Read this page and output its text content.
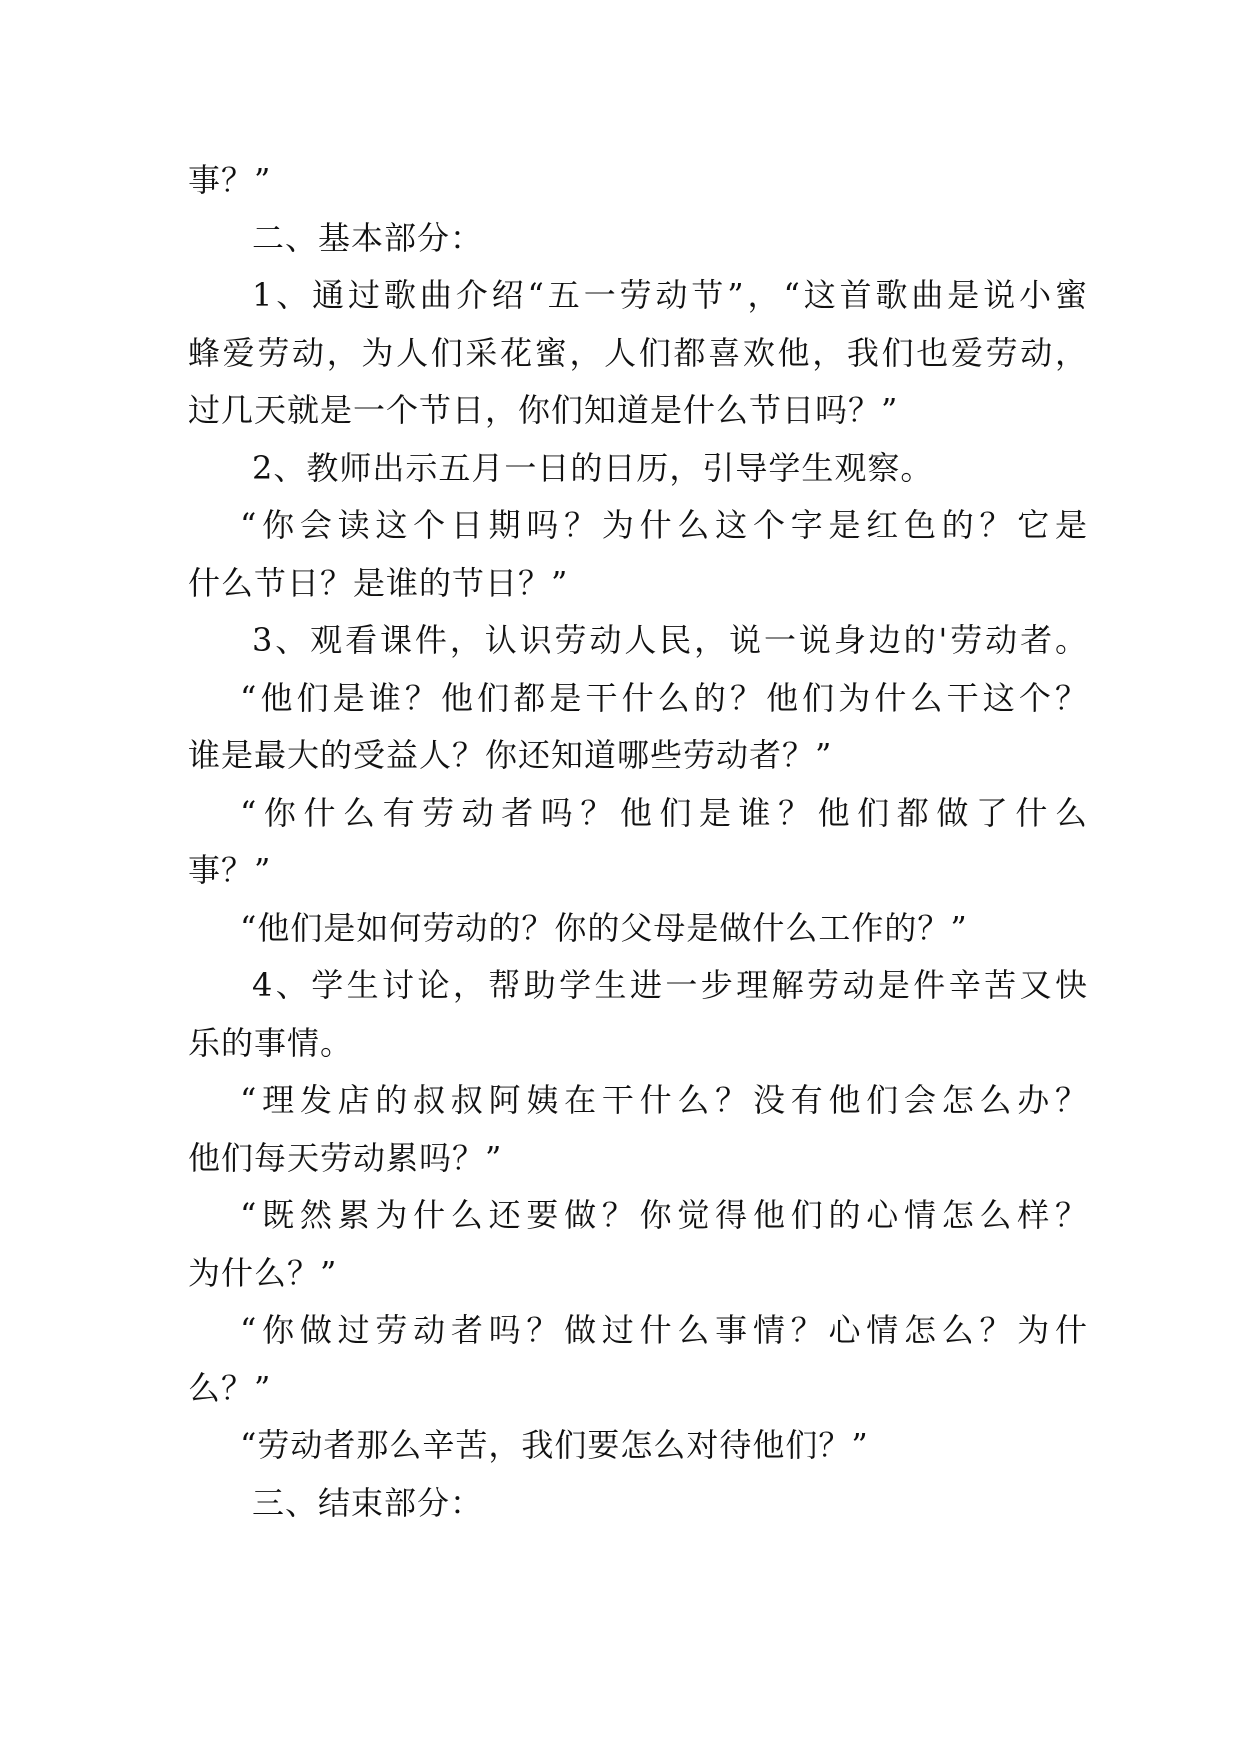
事？”
二、基本部分：
1、通过歌曲介绍“五一劳动节”，“这首歌曲是说小蜜
蜂爱劳动，为人们采花蜜，人们都喜欢他，我们也爱劳动，
过几天就是一个节日，你们知道是什么节日吗？”
2、教师出示五月一日的日历，引导学生观察。
“你会读这个日期吗？为什么这个字是红色的？它是
什么节日？是谁的节日？”
3、观看课件，认识劳动人民，说一说身边的'劳动者。
“他们是谁？他们都是干什么的？他们为什么干这个？
谁是最大的受益人？你还知道哪些劳动者？”
“你什么有劳动者吗？他们是谁？他们都做了什么
事？”
“他们是如何劳动的？你的父母是做什么工作的？”
4、学生讨论，帮助学生进一步理解劳动是件辛苦又快
乐的事情。
“理发店的叔叔阿姨在干什么？没有他们会怎么办？
他们每天劳动累吗？”
“既然累为什么还要做？你觉得他们的心情怎么样？
为什么？”
“你做过劳动者吗？做过什么事情？心情怎么？为什
么？”
“劳动者那么辛苦，我们要怎么对待他们？”
三、结束部分：
